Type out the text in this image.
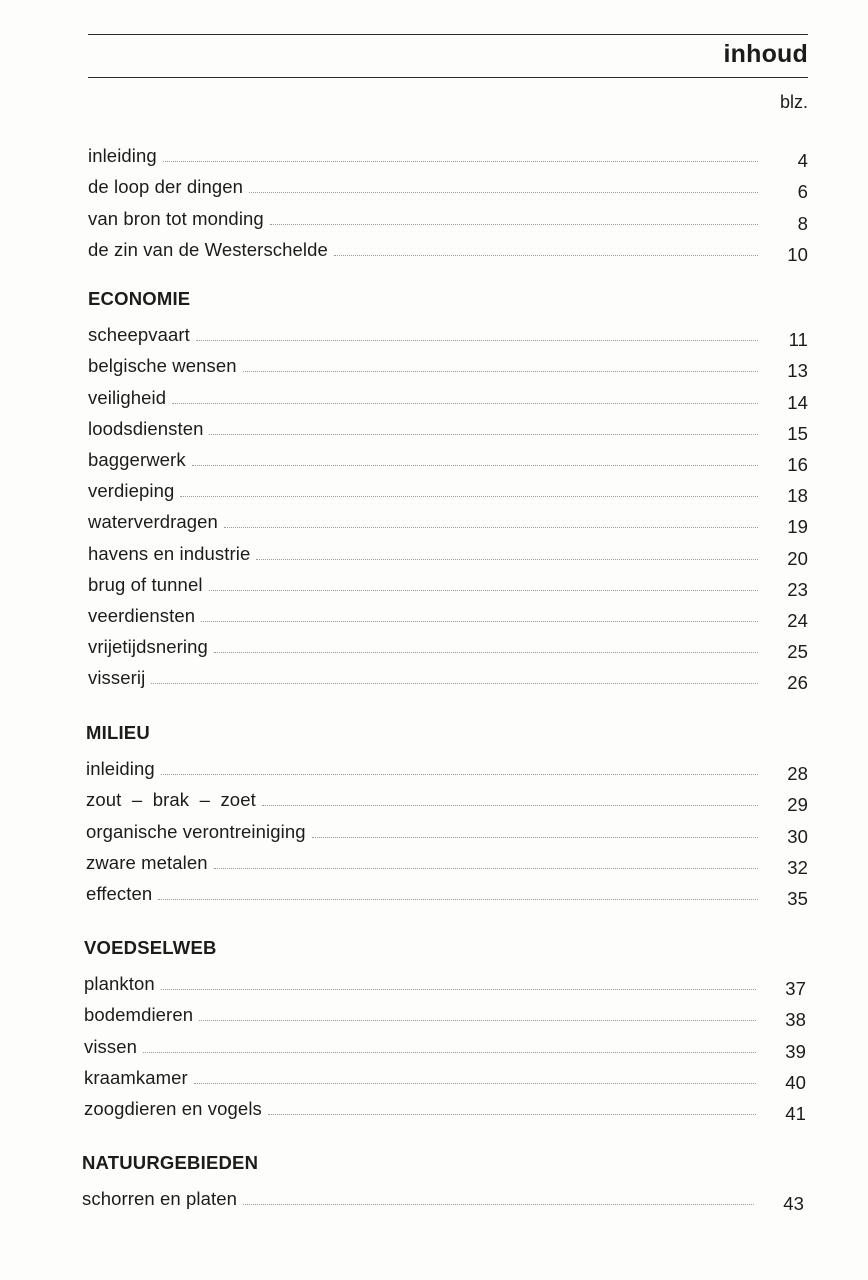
inhoud
blz.
inleiding	4
de loop der dingen	6
van bron tot monding	8
de zin van de Westerschelde	10
ECONOMIE
scheepvaart	11
belgische wensen	13
veiligheid	14
loodsdiensten	15
baggerwerk	16
verdieping	18
waterverdragen	19
havens en industrie	20
brug of tunnel	23
veerdiensten	24
vrijetijdsnering	25
visserij	26
MILIEU
inleiding	28
zout  –  brak  –  zoet	29
organische verontreiniging	30
zware metalen	32
effecten	35
VOEDSELWEB
plankton	37
bodemdieren	38
vissen	39
kraamkamer	40
zoogdieren en vogels	41
NATUURGEBIEDEN
schorren en platen	43
